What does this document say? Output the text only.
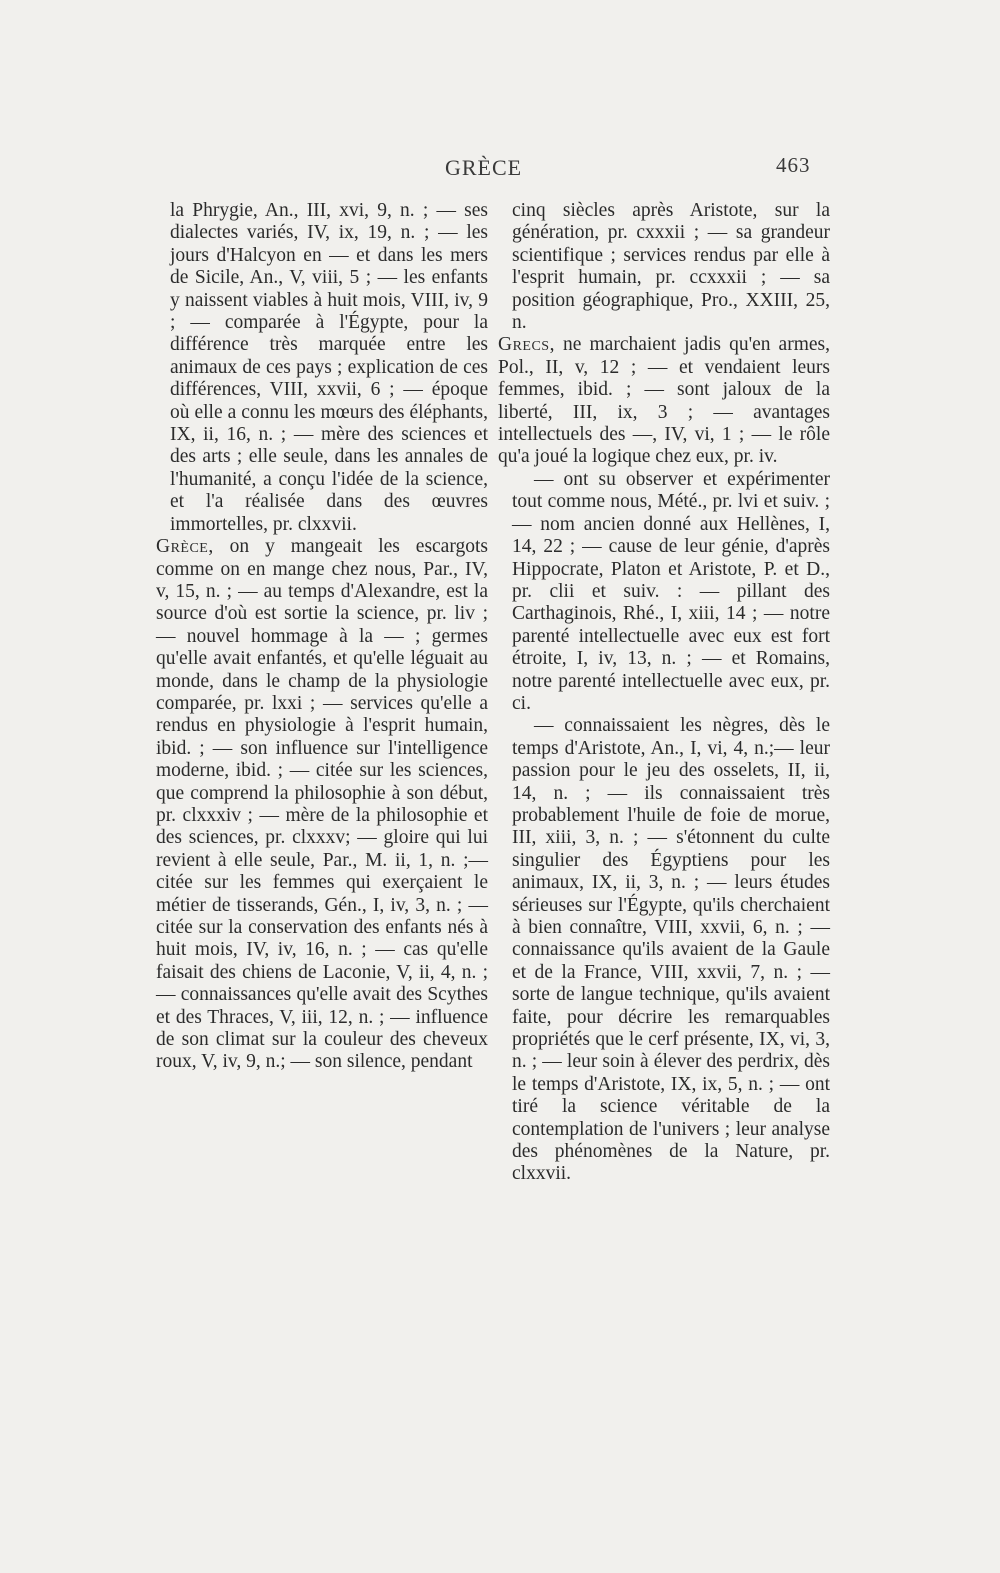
GRÈCE	463

la Phrygie, An., III, xvi, 9, n. ; — ses dialectes variés, IV, ix, 19, n. ; — les jours d'Halcyon en — et dans les mers de Sicile, An., V, viii, 5 ; — les enfants y naissent viables à huit mois, VIII, iv, 9 ; — comparée à l'Égypte, pour la différence très marquée entre les animaux de ces pays ; explication de ces différences, VIII, xxvii, 6 ; — époque où elle a connu les mœurs des éléphants, IX, ii, 16, n. ; — mère des sciences et des arts ; elle seule, dans les annales de l'humanité, a conçu l'idée de la science, et l'a réalisée dans des œuvres immortelles, pr. clxxvii.

Grèce, on y mangeait les escargots comme on en mange chez nous, Par., IV, v, 15, n. ; — au temps d'Alexandre, est la source d'où est sortie la science, pr. liv ; — nouvel hommage à la — ; germes qu'elle avait enfantés, et qu'elle léguait au monde, dans le champ de la physiologie comparée, pr. lxxi ; — services qu'elle a rendus en physiologie à l'esprit humain, ibid. ; — son influence sur l'intelligence moderne, ibid. ; — citée sur les sciences, que comprend la philosophie à son début, pr. clxxxiv ; — mère de la philosophie et des sciences, pr. clxxxv; — gloire qui lui revient à elle seule, Par., M. ii, 1, n. ;— citée sur les femmes qui exerçaient le métier de tisserands, Gén., I, iv, 3, n. ; — citée sur la conservation des enfants nés à huit mois, IV, iv, 16, n. ; — cas qu'elle faisait des chiens de Laconie, V, ii, 4, n. ; — connaissances qu'elle avait des Scythes et des Thraces, V, iii, 12, n. ; — influence de son climat sur la couleur des cheveux roux, V, iv, 9, n.; — son silence, pendant

cinq siècles après Aristote, sur la génération, pr. cxxxii ; — sa grandeur scientifique ; services rendus par elle à l'esprit humain, pr. ccxxxii ; — sa position géographique, Pro., XXIII, 25, n.

Grecs, ne marchaient jadis qu'en armes, Pol., II, v, 12 ; — et vendaient leurs femmes, ibid. ; — sont jaloux de la liberté, III, ix, 3 ; — avantages intellectuels des —, IV, vi, 1 ; — le rôle qu'a joué la logique chez eux, pr. iv.

— ont su observer et expérimenter tout comme nous, Mété., pr. lvi et suiv. ; — nom ancien donné aux Hellènes, I, 14, 22 ; — cause de leur génie, d'après Hippocrate, Platon et Aristote, P. et D., pr. clii et suiv. : — pillant des Carthaginois, Rhé., I, xiii, 14 ; — notre parenté intellectuelle avec eux est fort étroite, I, iv, 13, n. ; — et Romains, notre parenté intellectuelle avec eux, pr. ci.

— connaissaient les nègres, dès le temps d'Aristote, An., I, vi, 4, n.;— leur passion pour le jeu des osselets, II, ii, 14, n. ; — ils connaissaient très probablement l'huile de foie de morue, III, xiii, 3, n. ; — s'étonnent du culte singulier des Égyptiens pour les animaux, IX, ii, 3, n. ; — leurs études sérieuses sur l'Égypte, qu'ils cherchaient à bien connaître, VIII, xxvii, 6, n. ; — connaissance qu'ils avaient de la Gaule et de la France, VIII, xxvii, 7, n. ; — sorte de langue technique, qu'ils avaient faite, pour décrire les remarquables propriétés que le cerf présente, IX, vi, 3, n. ; — leur soin à élever des perdrix, dès le temps d'Aristote, IX, ix, 5, n. ; — ont tiré la science véritable de la contemplation de l'univers ; leur analyse des phénomènes de la Nature, pr. clxxvii.
